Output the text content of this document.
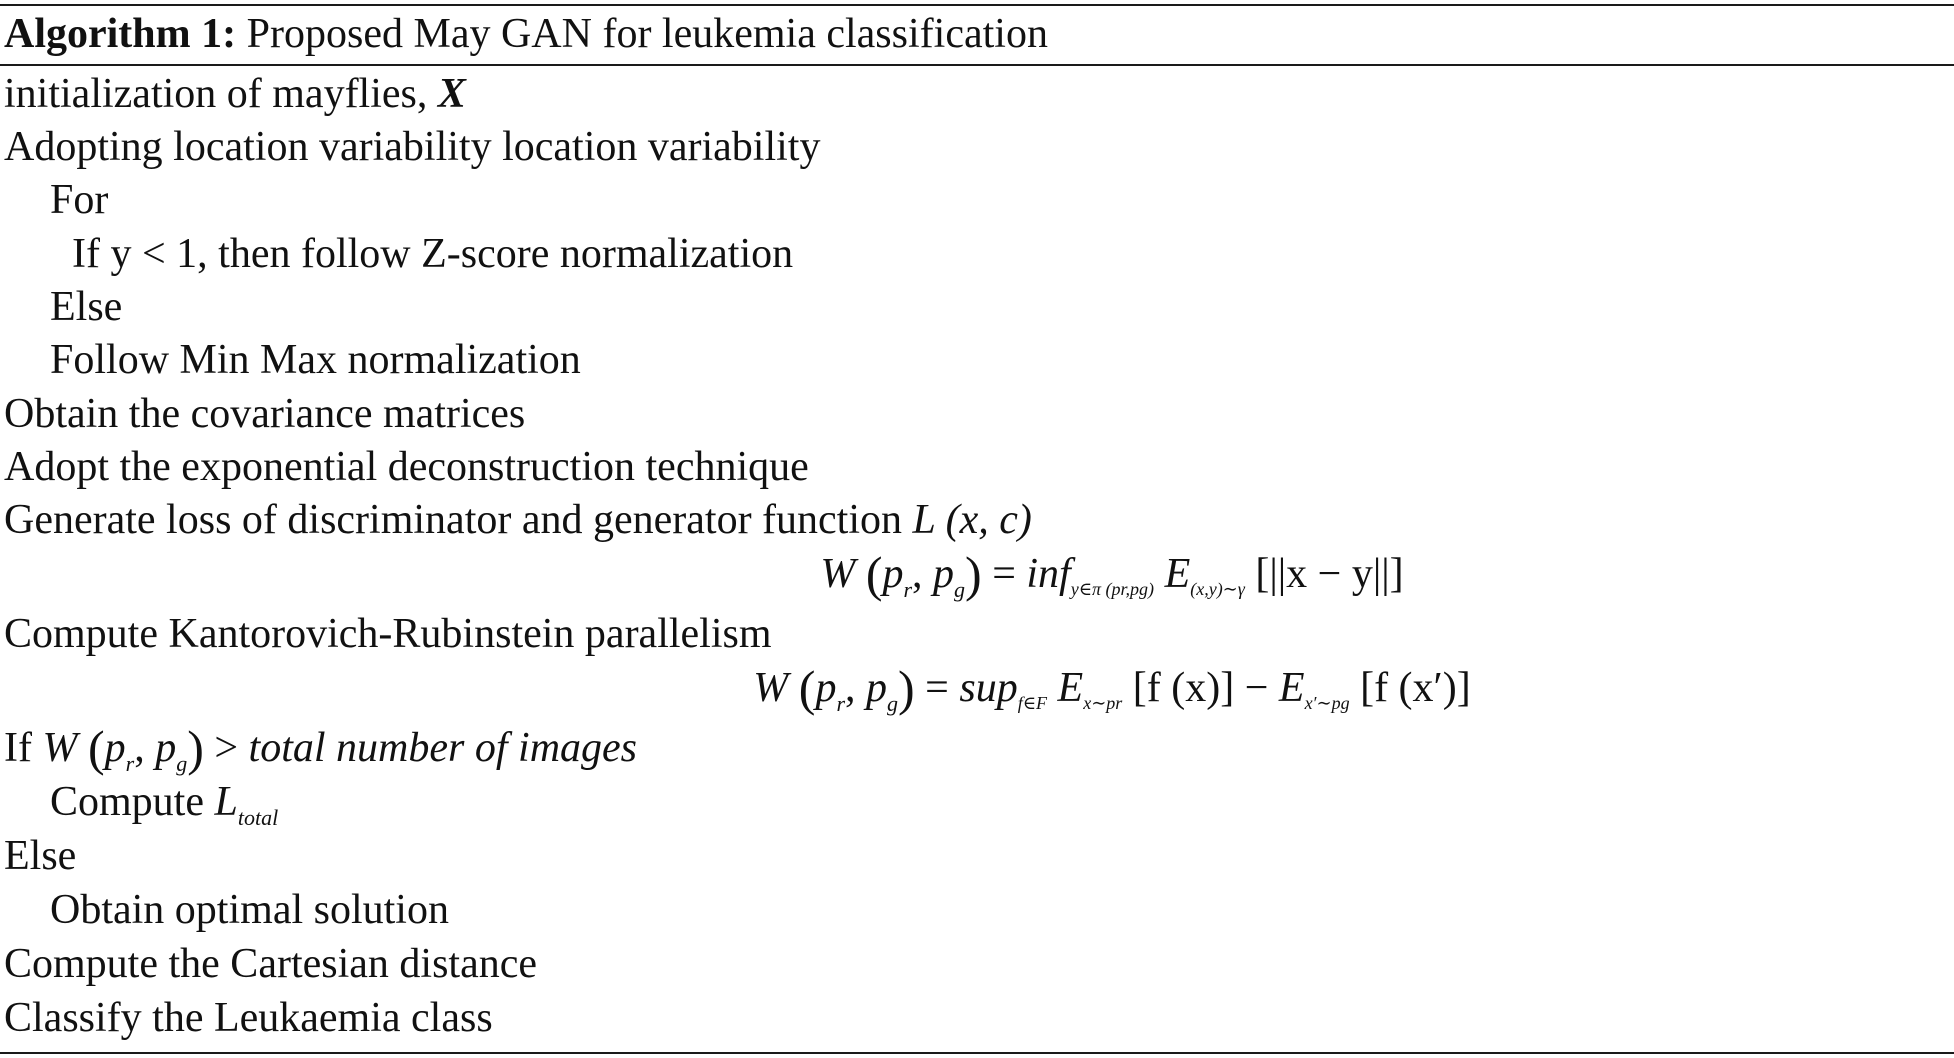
Algorithm 1: Proposed May GAN for leukemia classification
initialization of mayflies, X
Adopting location variability location variability
For
If y < 1, then follow Z-score normalization
Else
Follow Min Max normalization
Obtain the covariance matrices
Adopt the exponential deconstruction technique
Generate loss of discriminator and generator function L (x, c)
W ($p_r$, $p_g$) = infy∈π (pr,pg) E(x,y)∼γ [||x − y||]
Compute Kantorovich-Rubinstein parallelism
W ($p_r$, $p_g$) = supf∈F Ex∼pr [f (x)] − Ex′∼pg [f (x′)]
If W ($p_r$, $p_g$) > total number of images
Compute $L_{total}$
Else
Obtain optimal solution
Compute the Cartesian distance
Classify the Leukaemia class
